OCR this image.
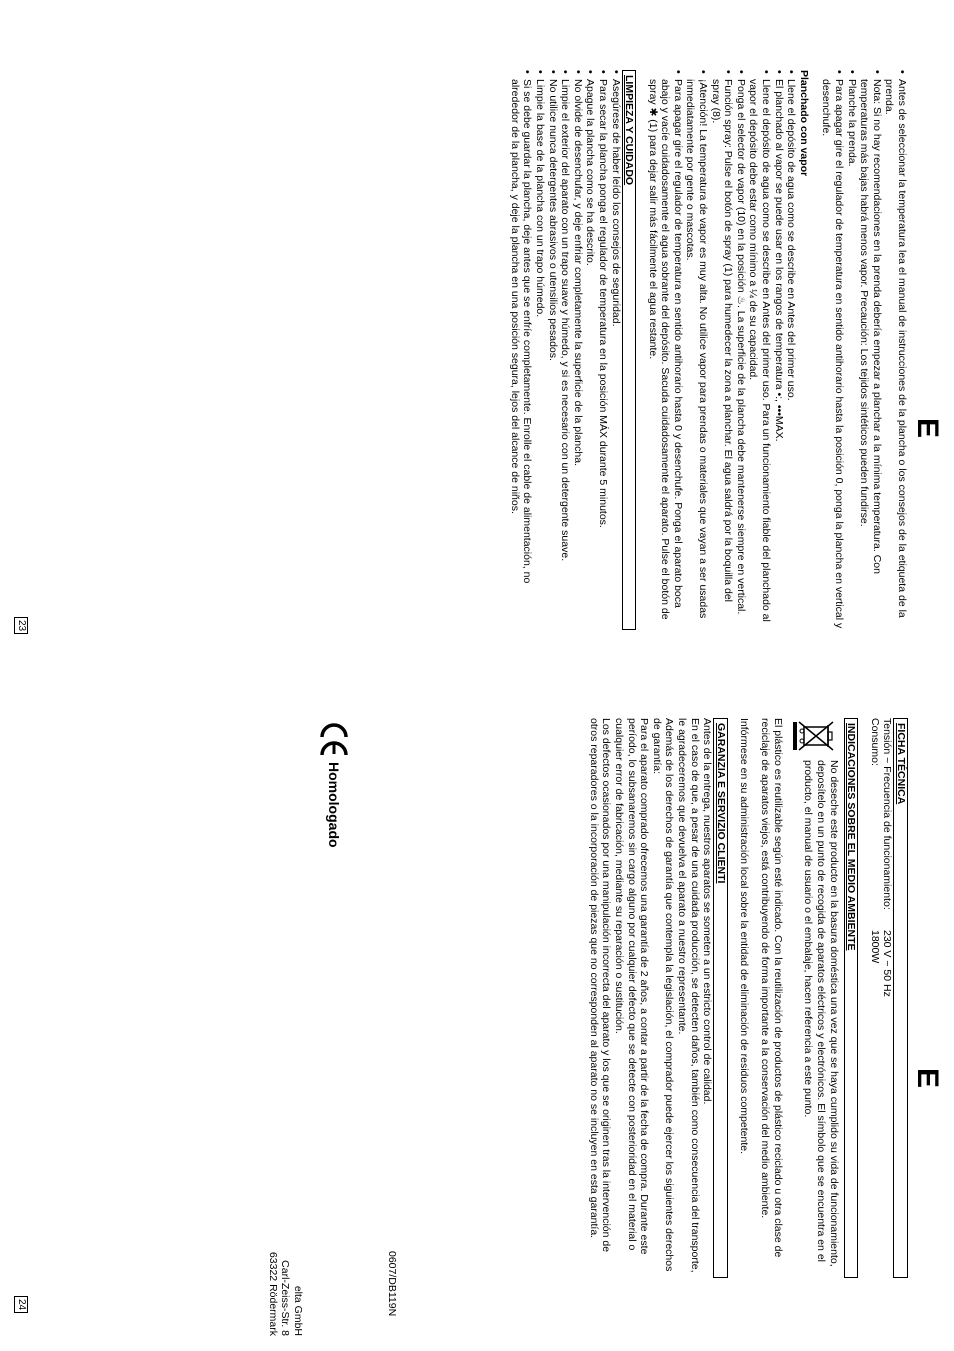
E
• Antes de seleccionar la temperatura lea el manual de instrucciones de la plancha o los consejos de la etiqueta de la prenda.
• Nota: Si no hay recomendaciones en la prenda debería empezar a planchar a la mínima temperatura. Con temperaturas más bajas habrá menos vapor. Precaución: Los tejidos sintéticos pueden fundirse.
• Planche la prenda.
• Para apagar gire el regulador de temperatura en sentido antihorario hasta la posición 0, ponga la plancha en vertical y desenchufe.
Planchado con vapor
• Llene el depósito de agua como se describe en Antes del primer uso.
• El planchado al vapor se puede usar en los rangos de temperatura •:, •••MAX.
• Llene el depósito de agua como se describe en Antes del primer uso. Para un funcionamiento fiable del planchado al vapor el depósito debe estar como mínimo a ¼ de su capacidad.
• Ponga el selector de vapor (10) en la posición ♨. La superficie de la plancha debe mantenerse siempre en vertical.
• Función spray: Pulse el botón de spray (1) para humedecer la zona a planchar. El agua saldrá por la boquilla del spray (8).
• ¡Atención! La temperatura de vapor es muy alta. No utilice vapor para prendas o materiales que vayan a ser usadas inmediatamente por gente o mascotas.
• Para apagar gire el regulador de temperatura en sentido antihorario hasta 0 y desenchufe. Ponga el aparato boca abajo y vacíe cuidadosamente el agua sobrante del depósito. Sacuda cuidadosamente el aparato. Pulse el botón de spray ✱ (1) para dejar salir más fácilmente el agua restante.
LIMPIEZA Y CUIDADO
• Asegúrese de haber leído los consejos de seguridad.
• Para secar la plancha ponga el regulador de temperatura en la posición MÁX durante 5 minutos.
• Apague la plancha como se ha descrito.
• No olvide de desenchufar, y deje enfriar completamente la superficie de la plancha.
• Limpie el exterior del aparato con un trapo suave y húmedo, y si es necesario con un detergente suave.
• No utilice nunca detergentes abrasivos o utensilios pesados.
• Limpie la base de la plancha con un trapo húmedo.
• Si se debe guardar la plancha, deje antes que se enfríe completamente. Enrolle el cable de alimentación, no alrededor de la plancha, y deje la plancha en una posición segura, lejos del alcance de niños.
23
E
FICHA TÉCNICA
Tensión ~ Frecuencia de funcionamiento:
230 V ~ 50 Hz
Consumo:
1800W
INDICACIONES SOBRE EL MEDIO AMBIENTE

No deseche este producto en la basura doméstica una vez que se haya cumplido su vida de funcionamiento, deposítelo en un punto de recogida de aparatos eléctricos y electrónicos. El símbolo que se encuentra en el producto, el manual de usuario o el embalaje, hacen referencia a este punto.

El plástico es reutilizable según esté indicado. Con la reutilización de productos de plástico reciclado u otra clase de reciclaje de aparatos viejos, está contribuyendo de forma importante a la conservación del medio ambiente.

Infórmese en su administración local sobre la entidad de eliminación de residuos competente.

GARANZIA E SERVIZIO CLIENTI

Antes de la entrega, nuestros aparatos se someten a un estricto control de calidad.

En el caso de que, a pesar de una cuidada producción, se detecten daños, también como consecuencia del transporte, le agradeceremos que devuelva el aparato a nuestro representante.

Además de los derechos de garantía que contempla la legislación, el comprador puede ejercer los siguientes derechos de garantía:

Para el aparato comprado ofrecemos una garantía de 2 años, a contar a partir de la fecha de compra. Durante este período, lo subsanaremos sin cargo alguno por cualquier defecto que se detecte con posterioridad en el material o cualquier error de fabricación, mediante su reparación o sustitución.

Los defectos ocasionados por una manipulación incorrecta del aparato y los que se originen tras la intervención de otros reparadores o la incorporación de piezas que no corresponden al aparato no se incluyen en esta garantía.

Homologado
0607/DB119N
elta GmbH
Carl-Zeiss-Str. 8
63322 Rödermark
24
